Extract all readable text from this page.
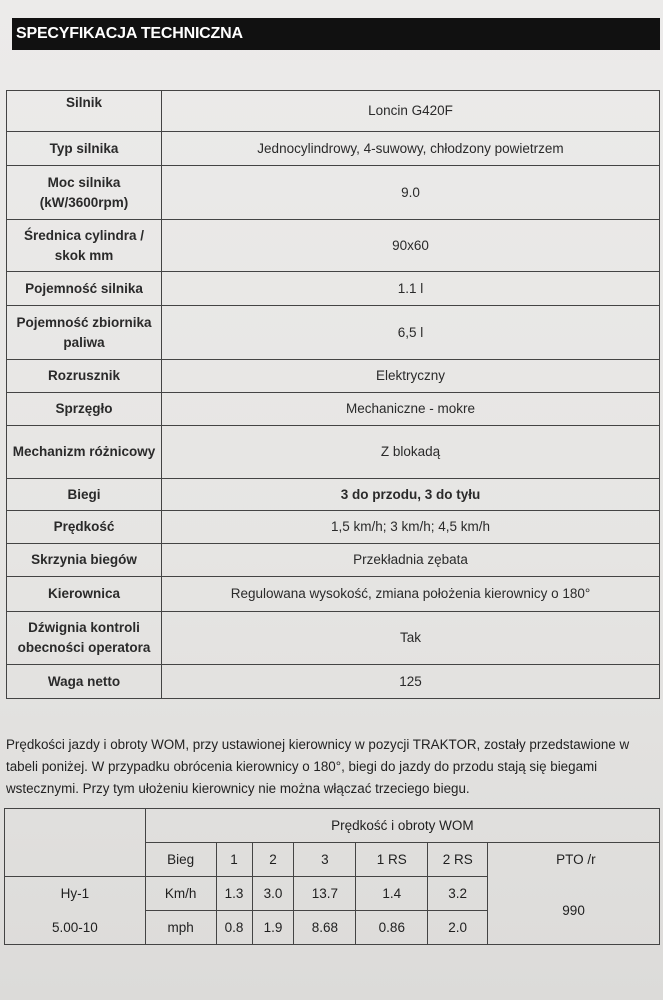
SPECYFIKACJA TECHNICZNA
Silnik	Loncin G420F
Typ silnika	Jednocylindrowy, 4-suwowy, chłodzony powietrzem
Moc silnika (kW/3600rpm)	9.0
Średnica cylindra / skok mm	90x60
Pojemność silnika	1.1 l
Pojemność zbiornika paliwa	6,5 l
Rozrusznik	Elektryczny
Sprzęgło	Mechaniczne - mokre
Mechanizm różnicowy	Z blokadą
Biegi	3 do przodu, 3 do tyłu
Prędkość	1,5 km/h; 3 km/h; 4,5 km/h
Skrzynia biegów	Przekładnia zębata
Kierownica	Regulowana wysokość, zmiana położenia kierownicy o 180°
Dźwignia kontroli obecności operatora	Tak
Waga netto	125
Prędkości jazdy i obroty WOM, przy ustawionej kierownicy w pozycji TRAKTOR, zostały przedstawione w tabeli poniżej. W przypadku obrócenia kierownicy o 180°, biegi do jazdy do przodu stają się biegami wstecznymi. Przy tym ułożeniu kierownicy nie można włączać trzeciego biegu.
	Prędkość i obroty WOM						
	Bieg	1	2	3	1 RS	2 RS	PTO /r
Hy-1	Km/h	1.3	3.0	13.7	1.4	3.2	990
5.00-10	mph	0.8	1.9	8.68	0.86	2.0	
